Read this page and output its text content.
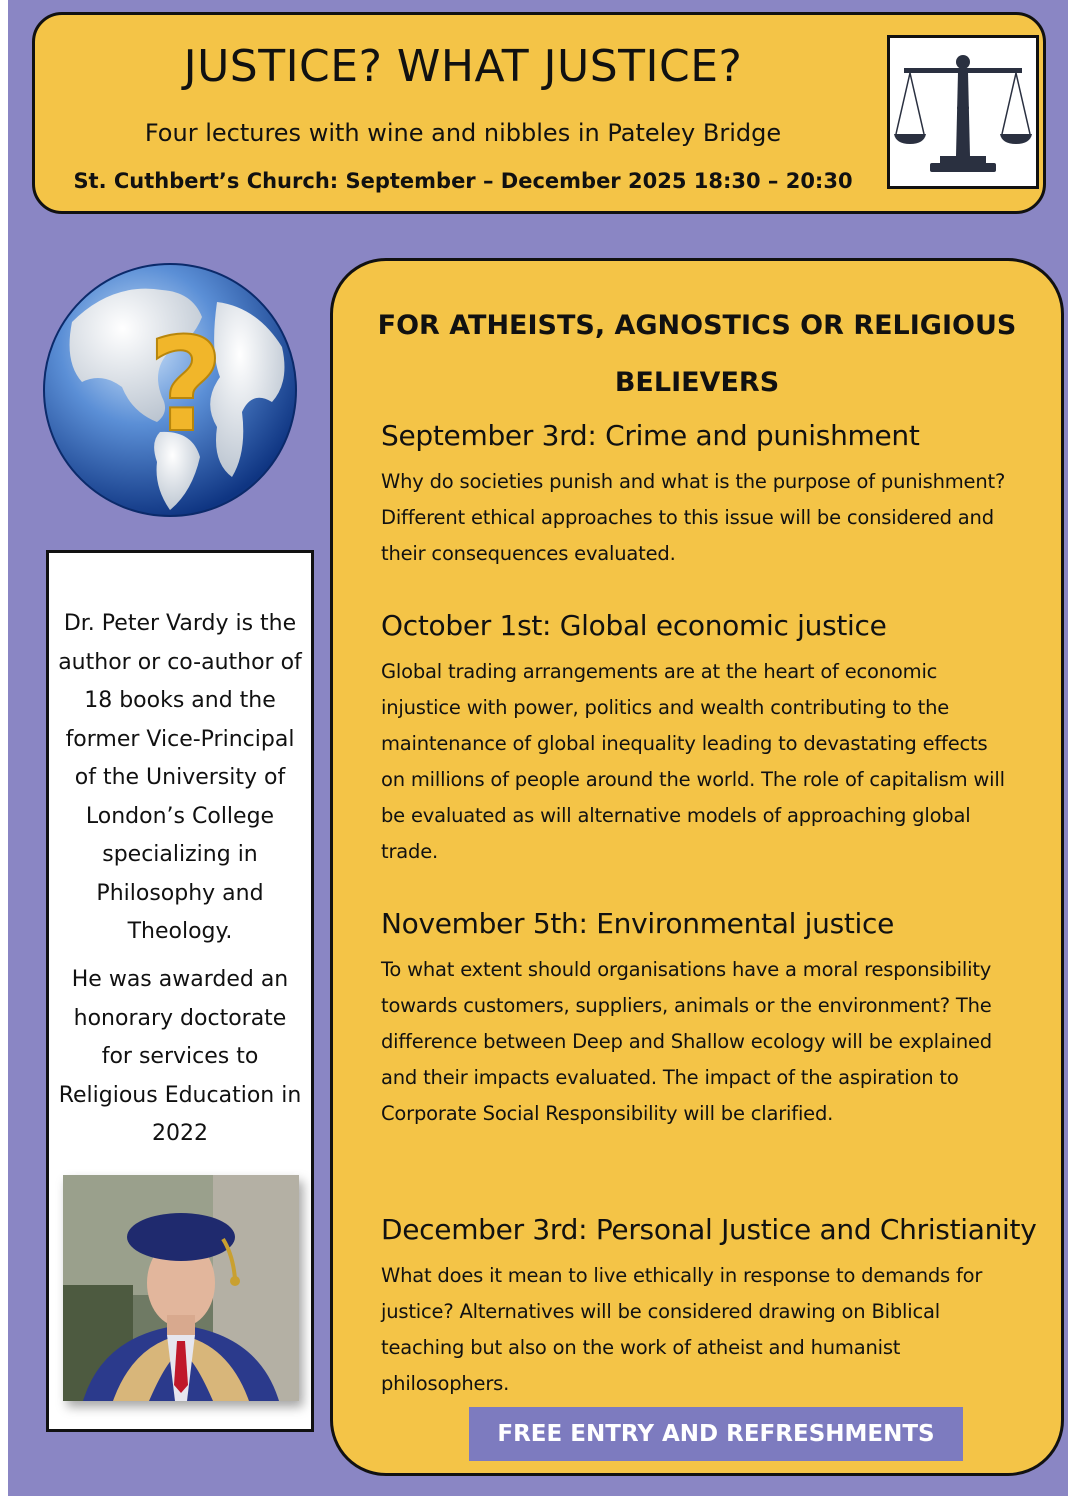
JUSTICE? WHAT JUSTICE?
Four lectures with wine and nibbles in Pateley Bridge
St. Cuthbert’s Church: September – December 2025 18:30 – 20:30
?

Dr. Peter Vardy is the author or co-author of 18 books and the former Vice-Principal of the University of London’s College specializing in Philosophy and Theology.

He was awarded an honorary doctorate for services to Religious Education in 2022

FOR ATHEISTS, AGNOSTICS OR RELIGIOUS BELIEVERS
September 3rd: Crime and punishment

Why do societies punish and what is the purpose of punishment? Different ethical approaches to this issue will be considered and their consequences evaluated.

October 1st: Global economic justice

Global trading arrangements are at the heart of economic injustice with power, politics and wealth contributing to the maintenance of global inequality leading to devastating effects on millions of people around the world. The role of capitalism will be evaluated as will alternative models of approaching global trade.

November 5th: Environmental justice

To what extent should organisations have a moral responsibility towards customers, suppliers, animals or the environment? The difference between Deep and Shallow ecology will be explained and their impacts evaluated. The impact of the aspiration to Corporate Social Responsibility will be clarified.

December 3rd: Personal Justice and Christianity

What does it mean to live ethically in response to demands for justice? Alternatives will be considered drawing on Biblical teaching but also on the work of atheist and humanist philosophers.

FREE ENTRY AND REFRESHMENTS
